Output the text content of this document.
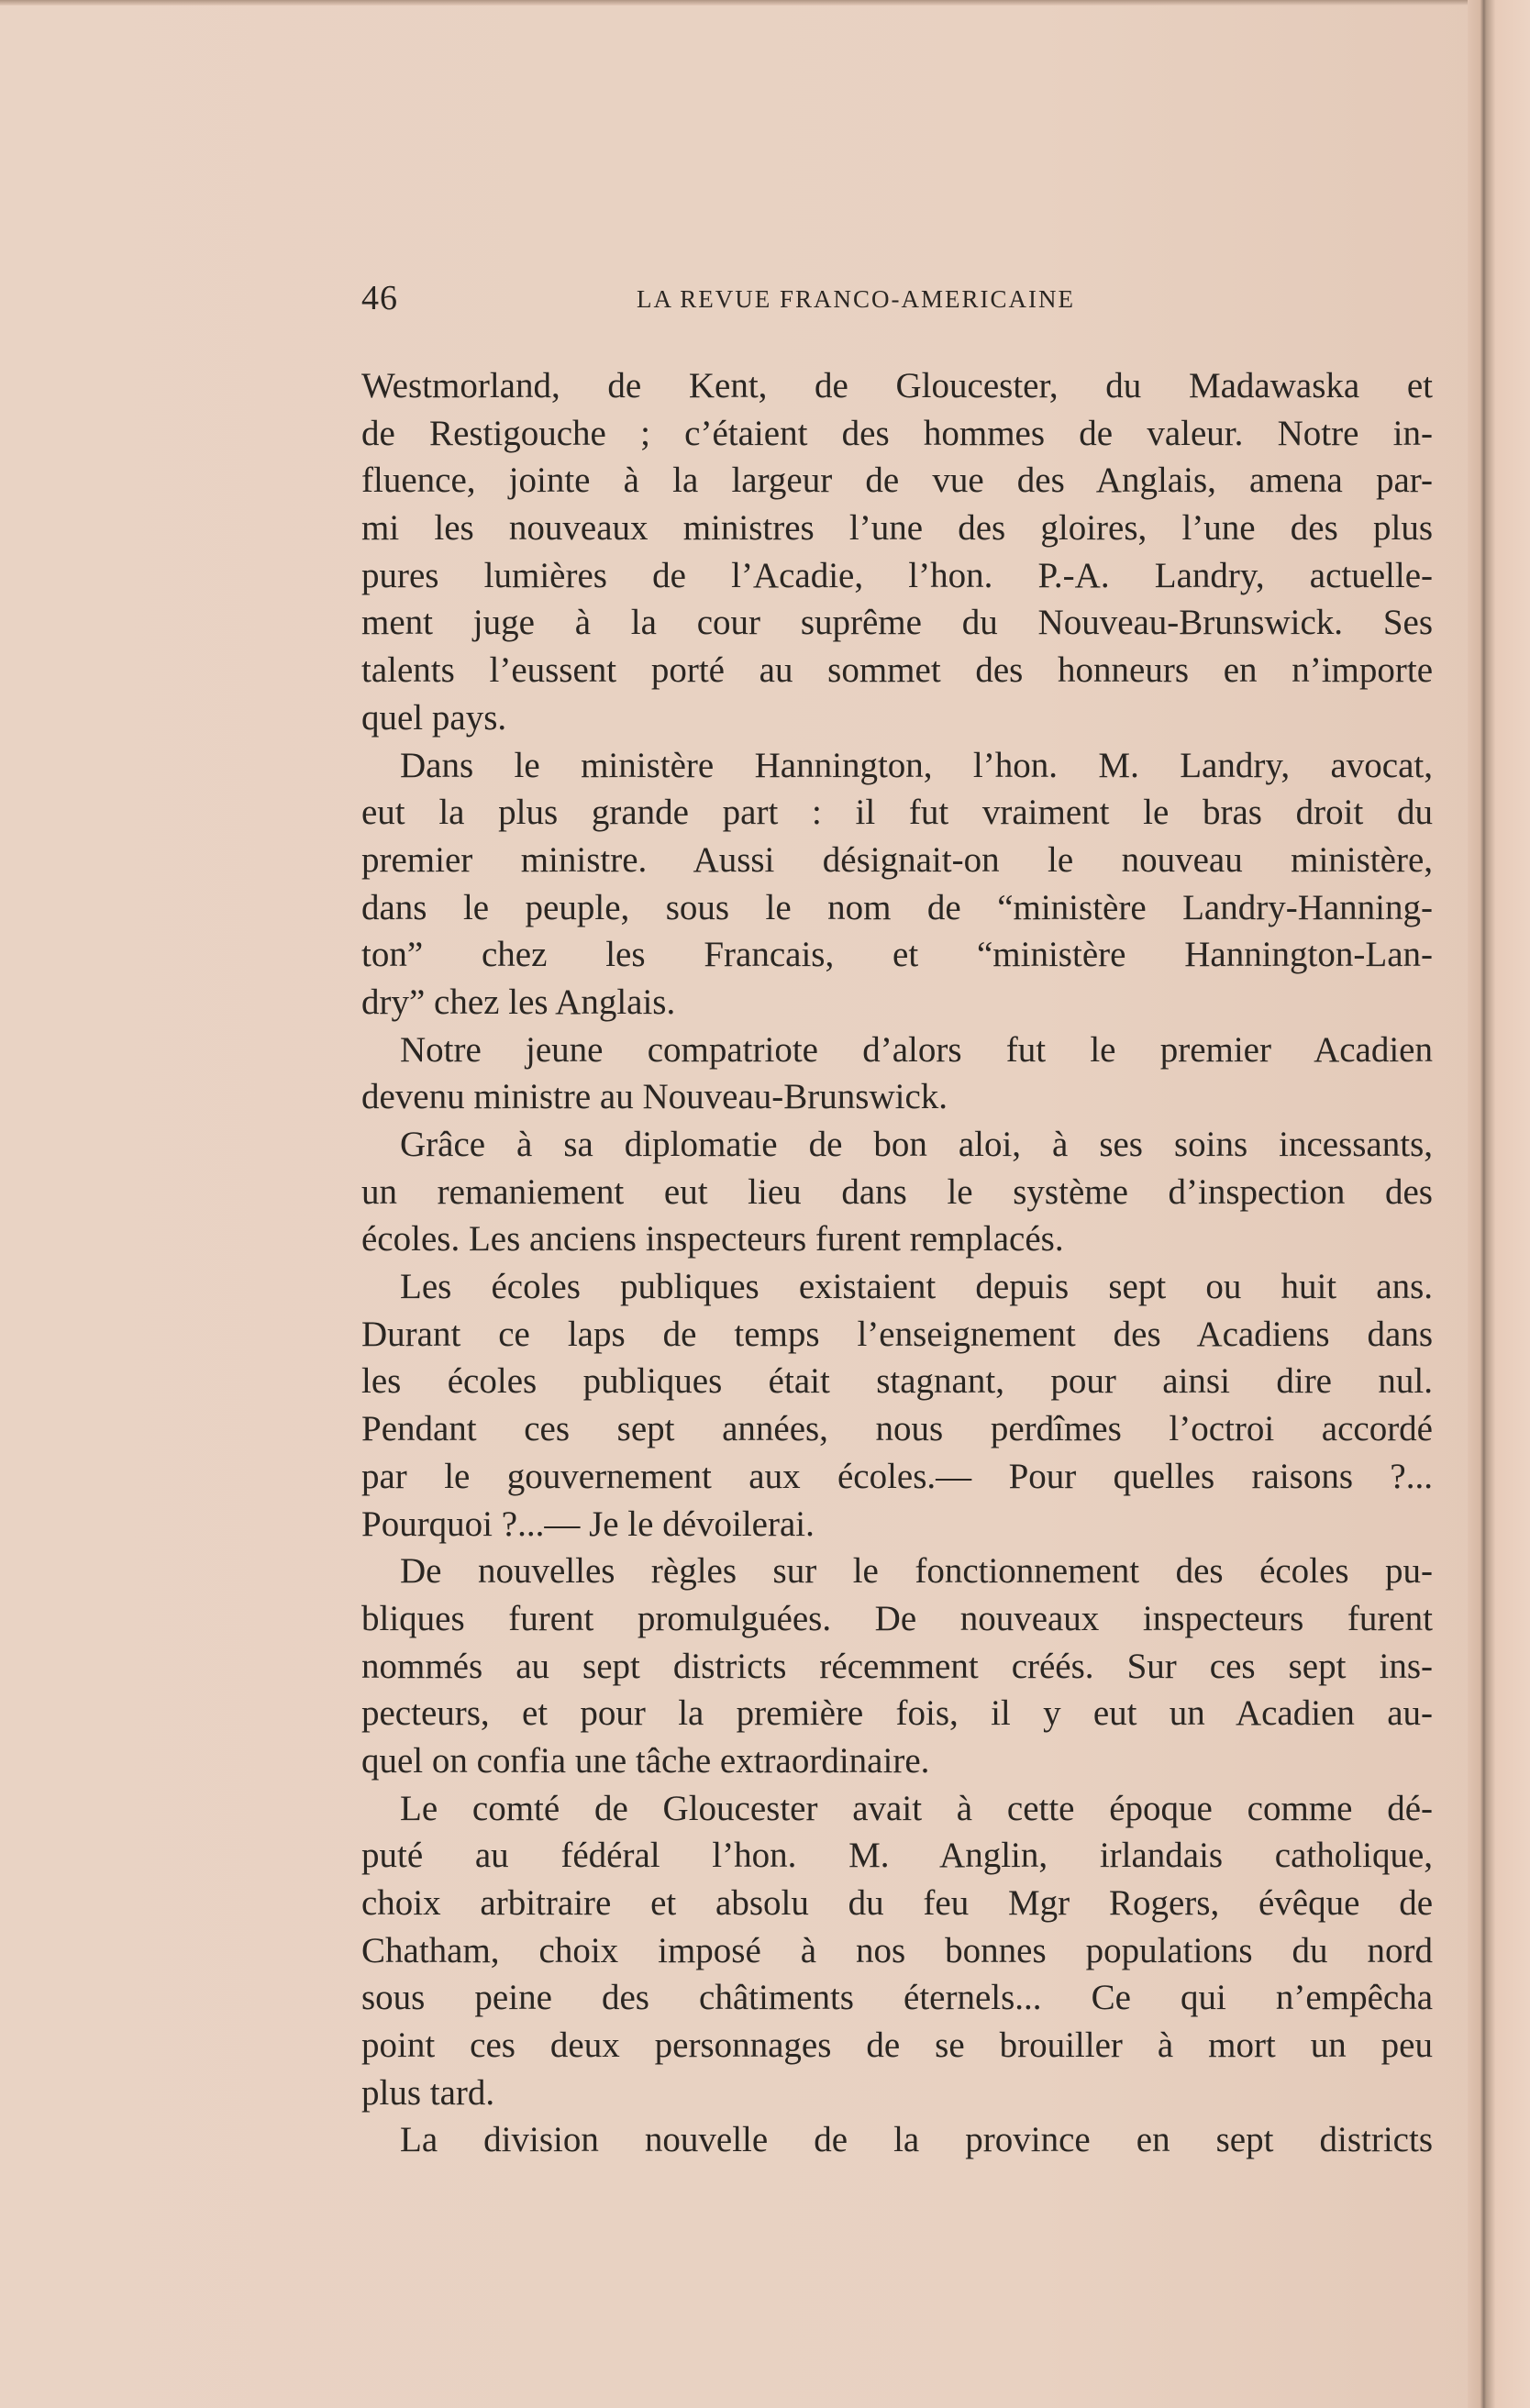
46	LA REVUE FRANCO-AMERICAINE
Westmorland, de Kent, de Gloucester, du Madawaska et
de Restigouche ; c’étaient des hommes de valeur. Notre in-
fluence, jointe à la largeur de vue des Anglais, amena par-
mi les nouveaux ministres l’une des gloires, l’une des plus
pures lumières de l’Acadie, l’hon. P.-A. Landry, actuelle-
ment juge à la cour suprême du Nouveau-Brunswick. Ses
talents l’eussent porté au sommet des honneurs en n’importe
quel pays.
Dans le ministère Hannington, l’hon. M. Landry, avocat,
eut la plus grande part : il fut vraiment le bras droit du
premier ministre. Aussi désignait-on le nouveau ministère,
dans le peuple, sous le nom de “ministère Landry-Hanning-
ton” chez les Francais, et “ministère Hannington-Lan-
dry” chez les Anglais.
Notre jeune compatriote d’alors fut le premier Acadien
devenu ministre au Nouveau-Brunswick.
Grâce à sa diplomatie de bon aloi, à ses soins incessants,
un remaniement eut lieu dans le système d’inspection des
écoles. Les anciens inspecteurs furent remplacés.
Les écoles publiques existaient depuis sept ou huit ans.
Durant ce laps de temps l’enseignement des Acadiens dans
les écoles publiques était stagnant, pour ainsi dire nul.
Pendant ces sept années, nous perdîmes l’octroi accordé
par le gouvernement aux écoles.— Pour quelles raisons ?...
Pourquoi ?...— Je le dévoilerai.
De nouvelles règles sur le fonctionnement des écoles pu-
bliques furent promulguées. De nouveaux inspecteurs furent
nommés au sept districts récemment créés. Sur ces sept ins-
pecteurs, et pour la première fois, il y eut un Acadien au-
quel on confia une tâche extraordinaire.
Le comté de Gloucester avait à cette époque comme dé-
puté au fédéral l’hon. M. Anglin, irlandais catholique,
choix arbitraire et absolu du feu Mgr Rogers, évêque de
Chatham, choix imposé à nos bonnes populations du nord
sous peine des châtiments éternels... Ce qui n’empêcha
point ces deux personnages de se brouiller à mort un peu
plus tard.
La division nouvelle de la province en sept districts
